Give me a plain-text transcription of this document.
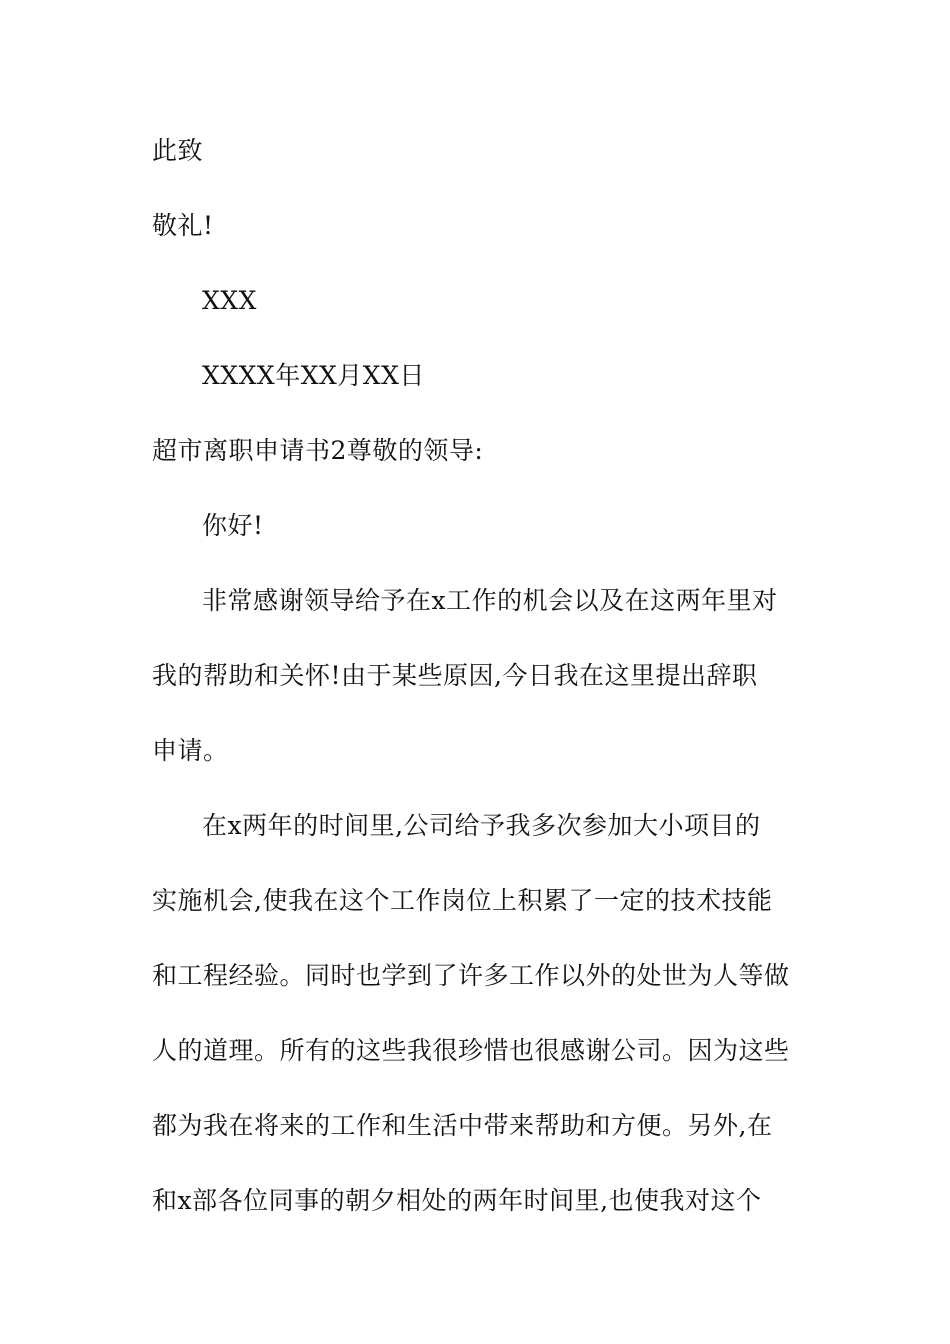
此致
敬礼!
XXX
XXXX年XX月XX日
超市离职申请书2尊敬的领导:
你好!
非常感谢领导给予在x工作的机会以及在这两年里对
我的帮助和关怀!由于某些原因,今日我在这里提出辞职
申请。
在x两年的时间里,公司给予我多次参加大小项目的
实施机会,使我在这个工作岗位上积累了一定的技术技能
和工程经验。同时也学到了许多工作以外的处世为人等做
人的道理。所有的这些我很珍惜也很感谢公司。因为这些
都为我在将来的工作和生活中带来帮助和方便。另外,在
和x部各位同事的朝夕相处的两年时间里,也使我对这个
